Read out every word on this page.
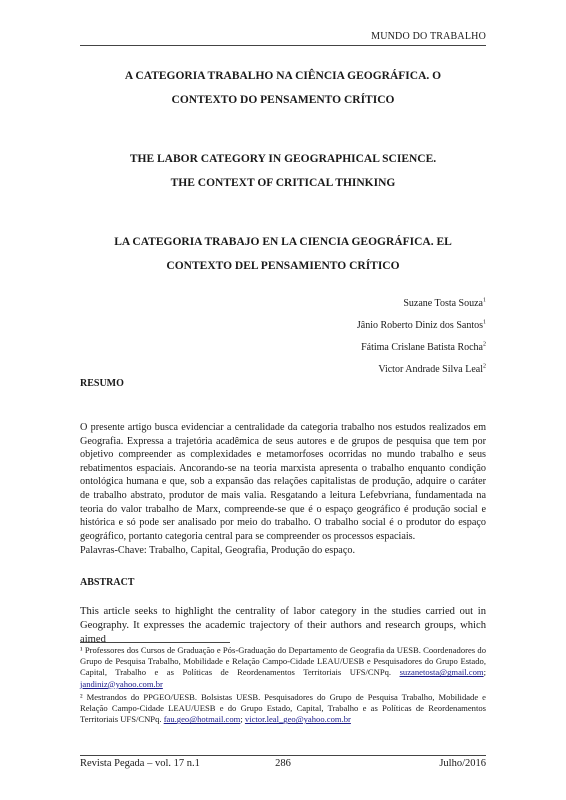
MUNDO DO TRABALHO
A CATEGORIA TRABALHO NA CIÊNCIA GEOGRÁFICA. O
CONTEXTO DO PENSAMENTO CRÍTICO
THE LABOR CATEGORY IN GEOGRAPHICAL SCIENCE.
THE CONTEXT OF CRITICAL THINKING
LA CATEGORIA TRABAJO EN LA CIENCIA GEOGRÁFICA. EL
CONTEXTO DEL PENSAMIENTO CRÍTICO
Suzane Tosta Souza$^1$
Jânio Roberto Diniz dos Santos$^1$
Fátima Crislane Batista Rocha$^2$
Victor Andrade Silva Leal$^2$
RESUMO
O presente artigo busca evidenciar a centralidade da categoria trabalho nos estudos realizados em Geografia. Expressa a trajetória acadêmica de seus autores e de grupos de pesquisa que tem por objetivo compreender as complexidades e metamorfoses ocorridas no mundo trabalho e seus rebatimentos espaciais. Ancorando-se na teoria marxista apresenta o trabalho enquanto condição ontológica humana e que, sob a expansão das relações capitalistas de produção, adquire o caráter de trabalho abstrato, produtor de mais valia. Resgatando a leitura Lefebvriana, fundamentada na teoria do valor trabalho de Marx, compreende-se que é o espaço geográfico é produção social e histórica e só pode ser analisado por meio do trabalho. O trabalho social é o produtor do espaço geográfico, portanto categoria central para se compreender os processos espaciais.
Palavras-Chave: Trabalho, Capital, Geografia, Produção do espaço.
ABSTRACT
This article seeks to highlight the centrality of labor category in the studies carried out in Geography. It expresses the academic trajectory of their authors and research groups, which aimed

¹ Professores dos Cursos de Graduação e Pós-Graduação do Departamento de Geografia da UESB. Coordenadores do Grupo de Pesquisa Trabalho, Mobilidade e Relação Campo-Cidade LEAU/UESB e Pesquisadores do Grupo Estado, Capital, Trabalho e as Políticas de Reordenamentos Territoriais UFS/CNPq. suzanetosta@gmail.com; jandiniz@yahoo.com.br

² Mestrandos do PPGEO/UESB. Bolsistas UESB. Pesquisadores do Grupo de Pesquisa Trabalho, Mobilidade e Relação Campo-Cidade LEAU/UESB e do Grupo Estado, Capital, Trabalho e as Políticas de Reordenamentos Territoriais UFS/CNPq. fau.geo@hotmail.com; victor.leal_geo@yahoo.com.br

Revista Pegada – vol. 17 n.1	286	Julho/2016
